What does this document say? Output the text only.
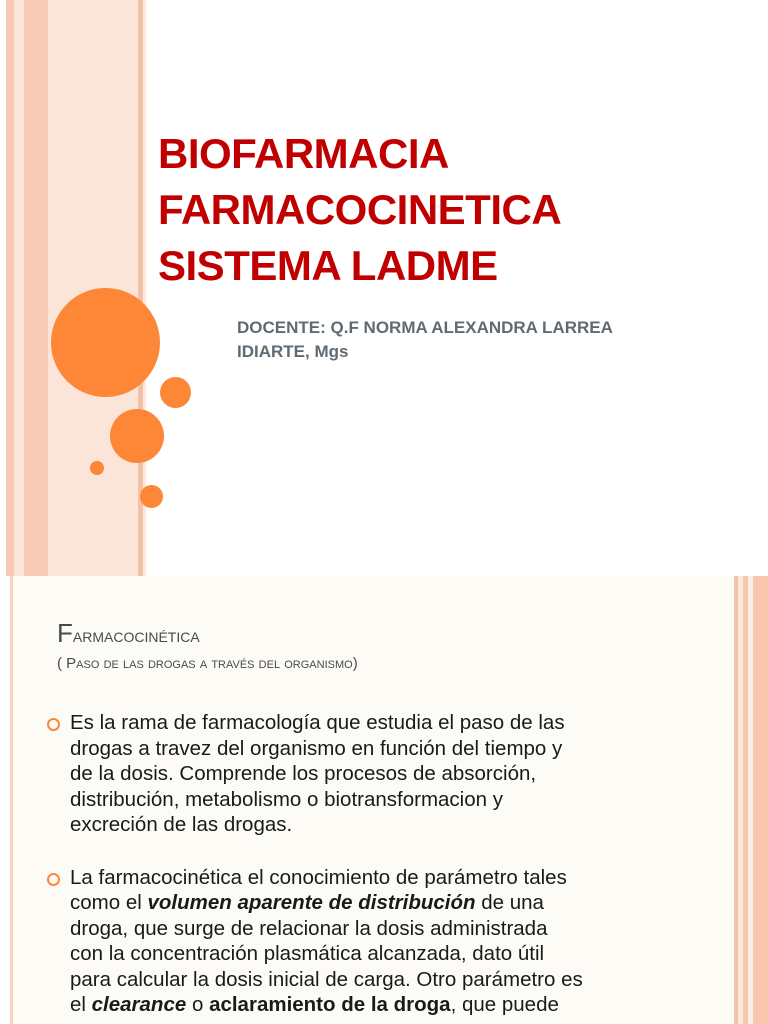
BIOFARMACIA
FARMACOCINETICA
SISTEMA LADME

DOCENTE: Q.F NORMA ALEXANDRA LARREA
IDIARTE, Mgs

Farmacocinética
( Paso de las drogas a través del organismo)
Es la rama de farmacología que estudia el paso de las
drogas a travez del organismo en función del tiempo y
de la dosis. Comprende los procesos de absorción,
distribución, metabolismo o biotransformacion y
excreción de las drogas.
La farmacocinética el conocimiento de parámetro tales
como el volumen aparente de distribución de una
droga, que surge de relacionar la dosis administrada
con la concentración plasmática alcanzada, dato útil
para calcular la dosis inicial de carga. Otro parámetro es
el clearance o aclaramiento de la droga, que puede
